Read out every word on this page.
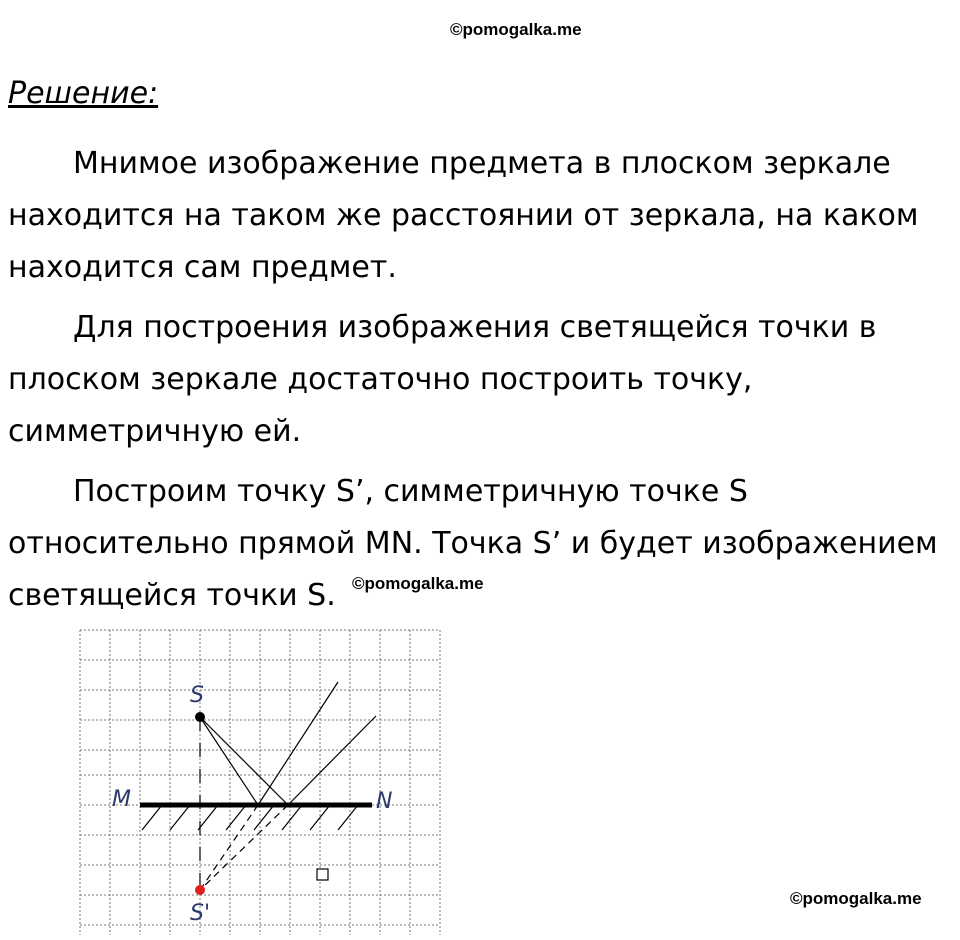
©pomogalka.me
Решение:

Мнимое изображение предмета в плоском зеркале находится на таком же расстоянии от зеркала, на каком находится сам предмет.

Для построения изображения светящейся точки в плоском зеркале достаточно построить точку, симметричную ей.

Построим точку S’, симметричную точке S относительно прямой MN. Точка S’ и будет изображением светящейся точки S. ©pomogalka.me
S
M	N
S'
©pomogalka.me
